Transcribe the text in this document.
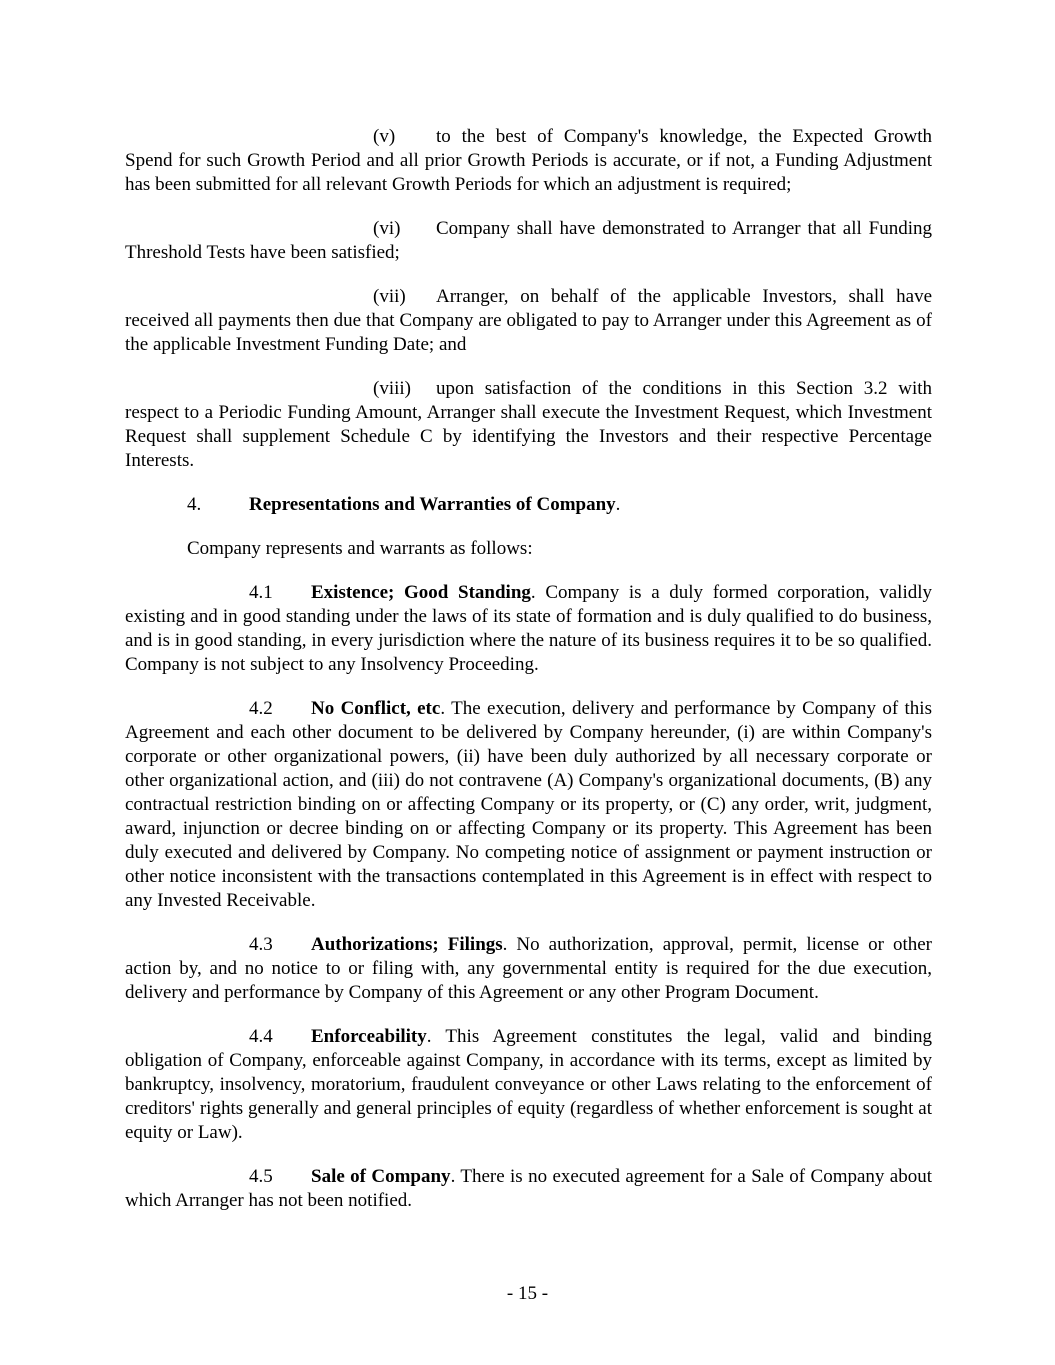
(v) to the best of Company's knowledge, the Expected Growth Spend for such Growth Period and all prior Growth Periods is accurate, or if not, a Funding Adjustment has been submitted for all relevant Growth Periods for which an adjustment is required;

(vi) Company shall have demonstrated to Arranger that all Funding Threshold Tests have been satisfied;

(vii) Arranger, on behalf of the applicable Investors, shall have received all payments then due that Company are obligated to pay to Arranger under this Agreement as of the applicable Investment Funding Date; and

(viii) upon satisfaction of the conditions in this Section 3.2 with respect to a Periodic Funding Amount, Arranger shall execute the Investment Request, which Investment Request shall supplement Schedule C by identifying the Investors and their respective Percentage Interests.

4.	Representations and Warranties of Company.

Company represents and warrants as follows:

4.1 Existence; Good Standing. Company is a duly formed corporation, validly existing and in good standing under the laws of its state of formation and is duly qualified to do business, and is in good standing, in every jurisdiction where the nature of its business requires it to be so qualified. Company is not subject to any Insolvency Proceeding.

4.2 No Conflict, etc. The execution, delivery and performance by Company of this Agreement and each other document to be delivered by Company hereunder, (i) are within Company's corporate or other organizational powers, (ii) have been duly authorized by all necessary corporate or other organizational action, and (iii) do not contravene (A) Company's organizational documents, (B) any contractual restriction binding on or affecting Company or its property, or (C) any order, writ, judgment, award, injunction or decree binding on or affecting Company or its property. This Agreement has been duly executed and delivered by Company. No competing notice of assignment or payment instruction or other notice inconsistent with the transactions contemplated in this Agreement is in effect with respect to any Invested Receivable.

4.3 Authorizations; Filings. No authorization, approval, permit, license or other action by, and no notice to or filing with, any governmental entity is required for the due execution, delivery and performance by Company of this Agreement or any other Program Document.

4.4 Enforceability. This Agreement constitutes the legal, valid and binding obligation of Company, enforceable against Company, in accordance with its terms, except as limited by bankruptcy, insolvency, moratorium, fraudulent conveyance or other Laws relating to the enforcement of creditors' rights generally and general principles of equity (regardless of whether enforcement is sought at equity or Law).

4.5 Sale of Company. There is no executed agreement for a Sale of Company about which Arranger has not been notified.

- 15 -
